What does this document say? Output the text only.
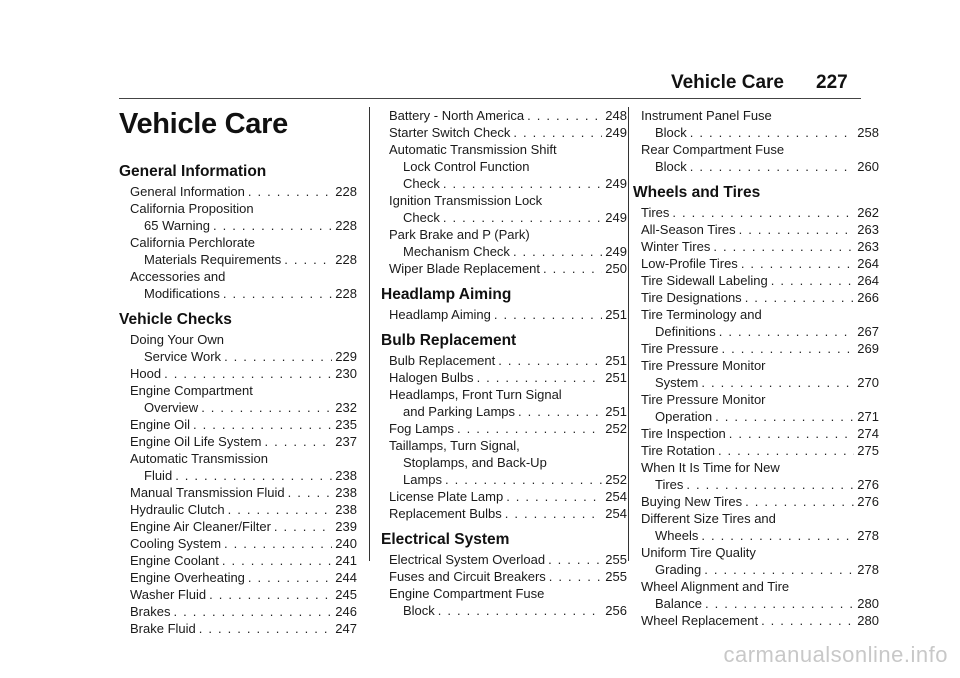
Vehicle Care 227
Vehicle Care
General Information
General Information . . .	228
California Proposition
65 Warning . . .	228
California Perchlorate
Materials Requirements . . .	228
Accessories and
Modifications . . .	228
Vehicle Checks
Doing Your Own
Service Work . . .	229
Hood . . .	230
Engine Compartment
Overview . . .	232
Engine Oil . . .	235
Engine Oil Life System . . .	237
Automatic Transmission
Fluid . . .	238
Manual Transmission Fluid . . .	238
Hydraulic Clutch . . .	238
Engine Air Cleaner/Filter . . .	239
Cooling System . . .	240
Engine Coolant . . .	241
Engine Overheating . . .	244
Washer Fluid . . .	245
Brakes . . .	246
Brake Fluid . . .	247
Battery - North America . . .	248
Starter Switch Check . . .	249
Automatic Transmission Shift
Lock Control Function
Check . . .	249
Ignition Transmission Lock
Check . . .	249
Park Brake and P (Park)
Mechanism Check . . .	249
Wiper Blade Replacement . . .	250
Headlamp Aiming
Headlamp Aiming . . .	251
Bulb Replacement
Bulb Replacement . . .	251
Halogen Bulbs . . .	251
Headlamps, Front Turn Signal
and Parking Lamps . . .	251
Fog Lamps . . .	252
Taillamps, Turn Signal,
Stoplamps, and Back-Up
Lamps . . .	252
License Plate Lamp . . .	254
Replacement Bulbs . . .	254
Electrical System
Electrical System Overload . . .	255
Fuses and Circuit Breakers . . .	255
Engine Compartment Fuse
Block . . .	256
Instrument Panel Fuse
Block . . .	258
Rear Compartment Fuse
Block . . .	260
Wheels and Tires
Tires . . .	262
All-Season Tires . . .	263
Winter Tires . . .	263
Low-Profile Tires . . .	264
Tire Sidewall Labeling . . .	264
Tire Designations . . .	266
Tire Terminology and
Definitions . . .	267
Tire Pressure . . .	269
Tire Pressure Monitor
System . . .	270
Tire Pressure Monitor
Operation . . .	271
Tire Inspection . . .	274
Tire Rotation . . .	275
When It Is Time for New
Tires . . .	276
Buying New Tires . . .	276
Different Size Tires and
Wheels . . .	278
Uniform Tire Quality
Grading . . .	278
Wheel Alignment and Tire
Balance . . .	280
Wheel Replacement . . .	280
carmanualsonline.info
